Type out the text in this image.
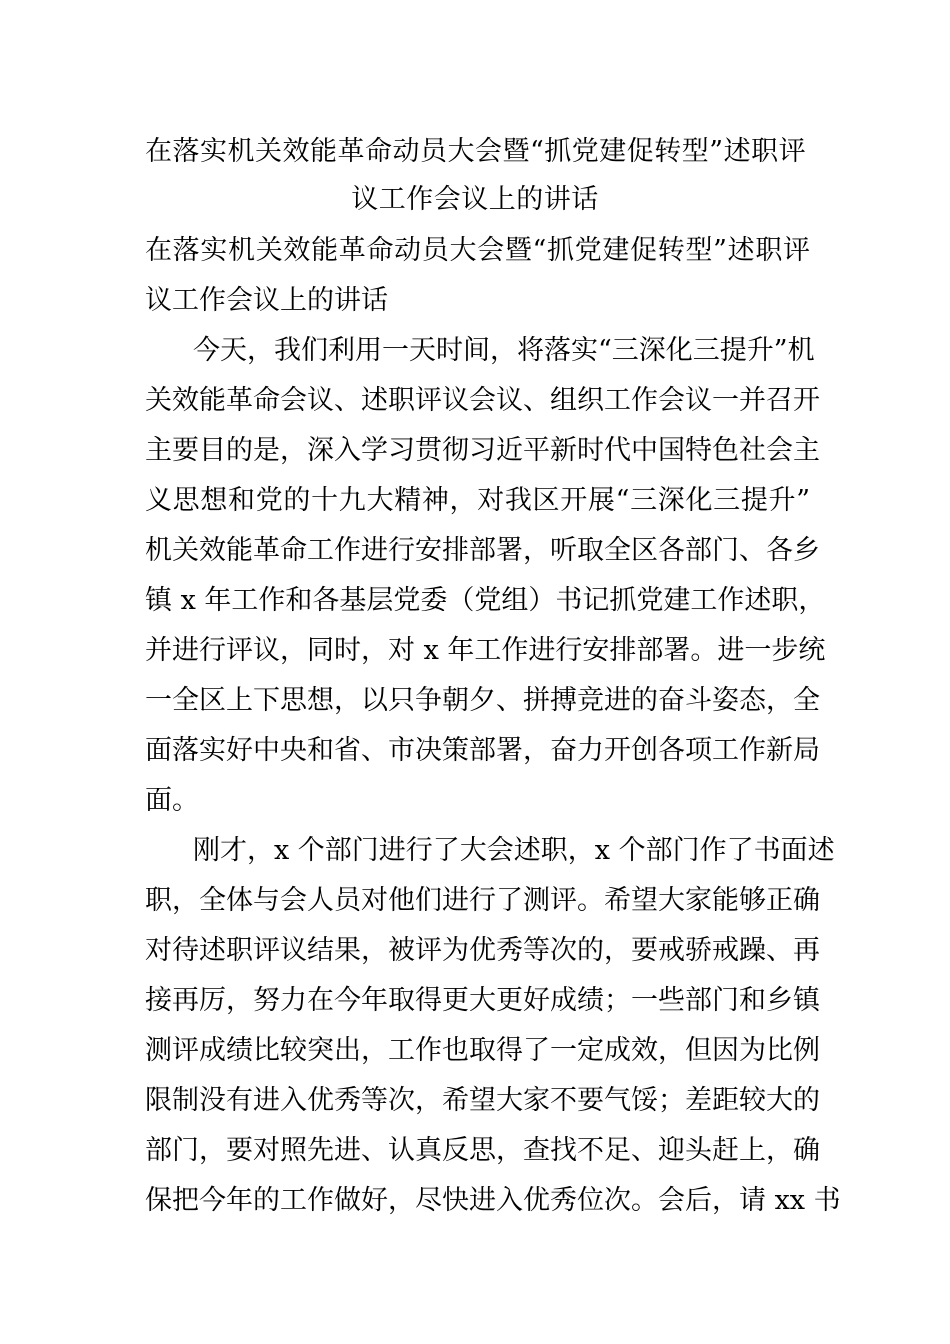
在落实机关效能革命动员大会暨“抓党建促转型”述职评
议工作会议上的讲话
在落实机关效能革命动员大会暨“抓党建促转型”述职评
议工作会议上的讲话
今天，我们利用一天时间，将落实“三深化三提升”机
关效能革命会议、述职评议会议、组织工作会议一并召开
主要目的是，深入学习贯彻习近平新时代中国特色社会主
义思想和党的十九大精神，对我区开展“三深化三提升”
机关效能革命工作进行安排部署，听取全区各部门、各乡
镇 x 年工作和各基层党委（党组）书记抓党建工作述职，
并进行评议，同时，对 x 年工作进行安排部署。进一步统
一全区上下思想，以只争朝夕、拼搏竞进的奋斗姿态，全
面落实好中央和省、市决策部署，奋力开创各项工作新局
面。
刚才，x 个部门进行了大会述职，x 个部门作了书面述
职，全体与会人员对他们进行了测评。希望大家能够正确
对待述职评议结果，被评为优秀等次的，要戒骄戒躁、再
接再厉，努力在今年取得更大更好成绩；一些部门和乡镇
测评成绩比较突出，工作也取得了一定成效，但因为比例
限制没有进入优秀等次，希望大家不要气馁；差距较大的
部门，要对照先进、认真反思，查找不足、迎头赶上，确
保把今年的工作做好，尽快进入优秀位次。会后，请 xx 书
